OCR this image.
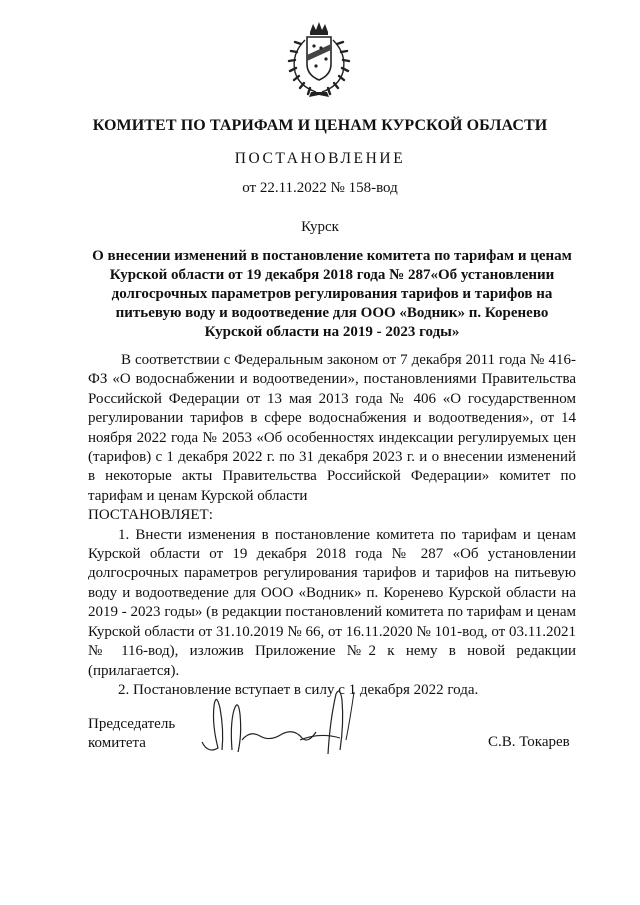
КОМИТЕТ ПО ТАРИФАМ И ЦЕНАМ КУРСКОЙ ОБЛАСТИ
ПОСТАНОВЛЕНИЕ
от 22.11.2022 № 158-вод
Курск
О внесении изменений в постановление комитета по тарифам и ценам
Курской области от 19 декабря 2018 года № 287«Об установлении
долгосрочных параметров регулирования тарифов и тарифов на
питьевую воду и водоотведение для ООО «Водник» п. Коренево
Курской области на 2019 - 2023 годы»

В соответствии с Федеральным законом от 7 декабря 2011 года № 416-ФЗ «О водоснабжении и водоотведении», постановлениями Правительства Российской Федерации от 13 мая 2013 года № 406 «О государственном регулировании тарифов в сфере водоснабжения и водоотведения», от 14 ноября 2022 года № 2053 «Об особенностях индексации регулируемых цен (тарифов) с 1 декабря 2022 г. по 31 декабря 2023 г. и о внесении изменений в некоторые акты Правительства Российской Федерации» комитет по тарифам и ценам Курской области

ПОСТАНОВЛЯЕТ:

1. Внести изменения в постановление комитета по тарифам и ценам Курской области от 19 декабря 2018 года № 287 «Об установлении долгосрочных параметров регулирования тарифов и тарифов на питьевую воду и водоотведение для ООО «Водник» п. Коренево Курской области на 2019 - 2023 годы» (в редакции постановлений комитета по тарифам и ценам Курской области от 31.10.2019 № 66, от 16.11.2020 № 101-вод, от 03.11.2021 № 116-вод), изложив Приложение №2 к нему в новой редакции (прилагается).

2. Постановление вступает в силу с 1 декабря 2022 года.

Председатель
комитета	С.В. Токарев
